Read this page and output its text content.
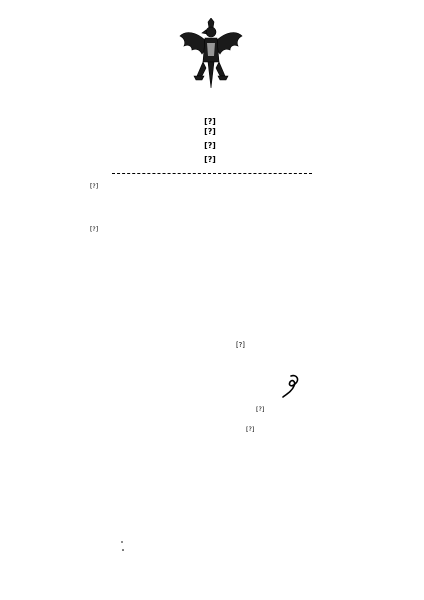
[?]
[?]
[?]
[?]
[?]
[?]
[?]
[?]
[?]
